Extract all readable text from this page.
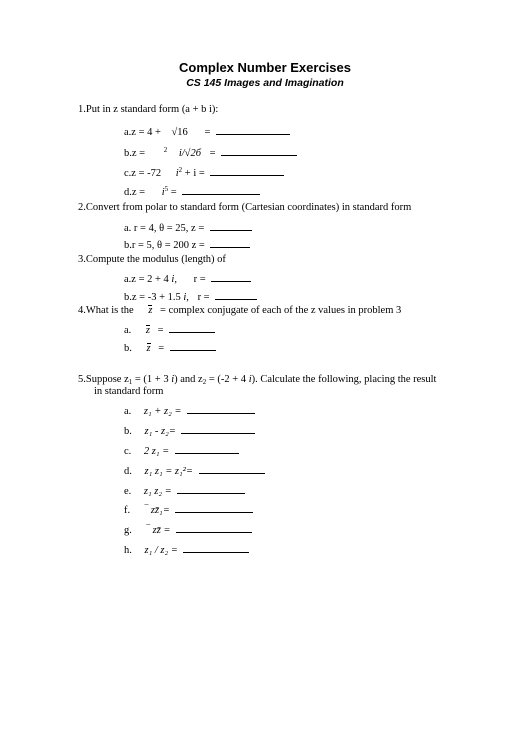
Complex Number Exercises
CS 145 Images and Imagination
1.Put in z standard form (a + b i):
a.z = 4 + √16 =
b.z =	$^2$ i/√2б =
c.z = -72 $i^2 + i$ =
$d.z = i^5$ =
2.Convert from polar to standard form (Cartesian coordinates) in standard form
a. r = 4, θ = 25, z =
b.r = 5, θ = 200 z =
3.Compute the modulus (length) of
a.z = 2 + 4 i, r =
b.z = -3 + 1.5 i, r =
4.What is the z = complex conjugate of each of the z values in problem 3
a. z =
b. z =
5.Suppose z1 = (1 + 3 i) and z2 = (-2 + 4 i). Calculate the following, placing the result
in standard form
a. z₁ + z₂ =
b. z₁ - z₂=
c. 2 z₁ =
d. z₁ z₁ = z₁²=
e. z₁ z₂ =
f. ‾ zz̄₁=
g. ‾ zz̄ =
h. z₁ / z₂ =
